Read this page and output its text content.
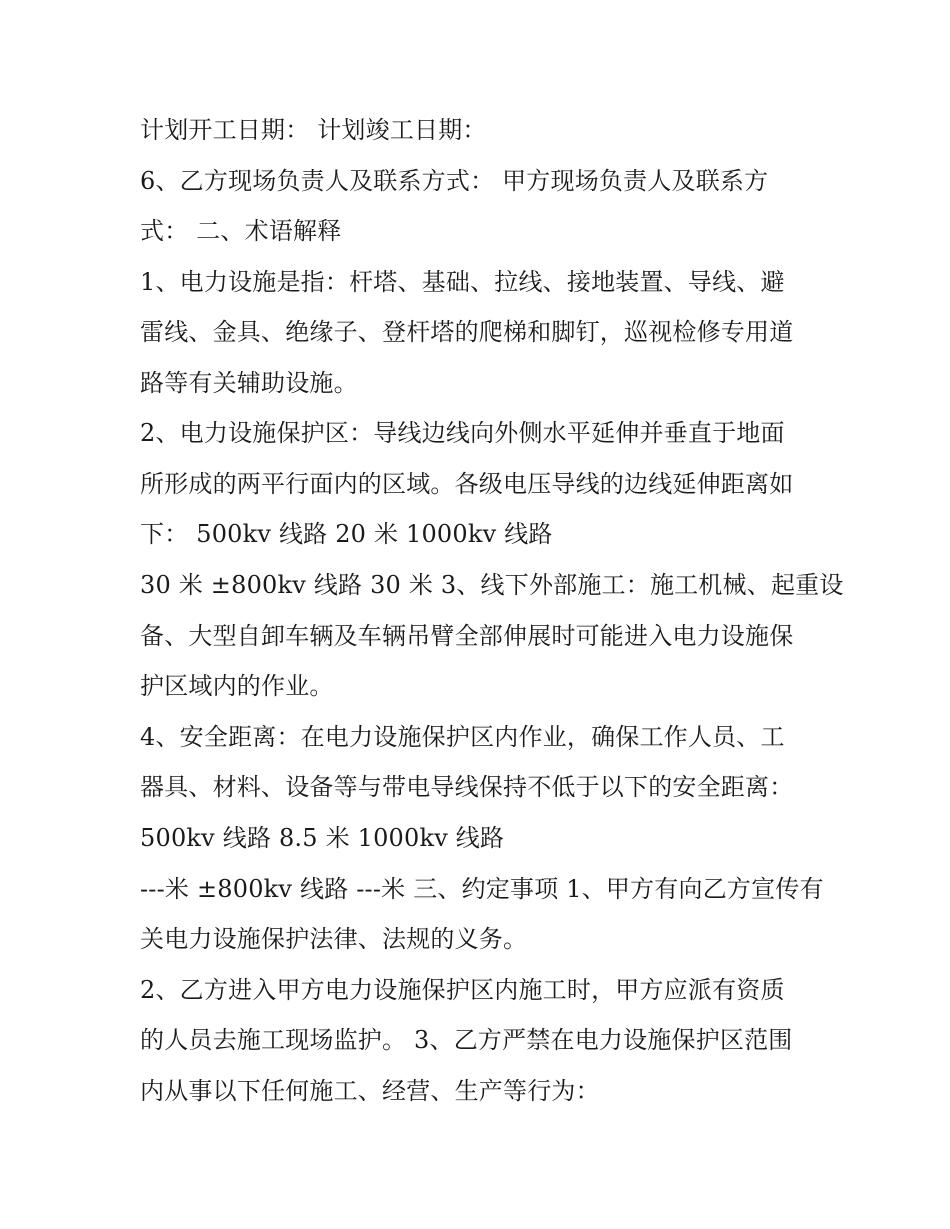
计划开工日期： 计划竣工日期：
6、乙方现场负责人及联系方式： 甲方现场负责人及联系方
式： 二、术语解释
1、电力设施是指：杆塔、基础、拉线、接地装置、导线、避
雷线、金具、绝缘子、登杆塔的爬梯和脚钉，巡视检修专用道
路等有关辅助设施。
2、电力设施保护区：导线边线向外侧水平延伸并垂直于地面
所形成的两平行面内的区域。各级电压导线的边线延伸距离如
下： 500kv 线路 20 米 1000kv 线路
30 米 ±800kv 线路 30 米 3、线下外部施工：施工机械、起重设
备、大型自卸车辆及车辆吊臂全部伸展时可能进入电力设施保
护区域内的作业。
4、安全距离：在电力设施保护区内作业，确保工作人员、工
器具、材料、设备等与带电导线保持不低于以下的安全距离：
500kv 线路 8.5 米 1000kv 线路
---米 ±800kv 线路 ---米 三、约定事项 1、甲方有向乙方宣传有
关电力设施保护法律、法规的义务。
2、乙方进入甲方电力设施保护区内施工时，甲方应派有资质
的人员去施工现场监护。 3、乙方严禁在电力设施保护区范围
内从事以下任何施工、经营、生产等行为：
